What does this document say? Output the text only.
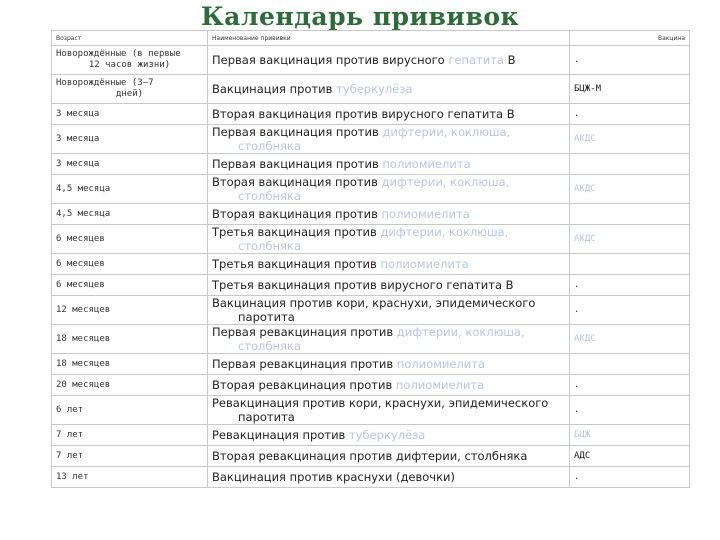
Календарь прививок
Возраст	Наименование прививки	Вакцина

Новорождённые (в первые
12 часов жизни)	Первая вакцинация против вирусного гепатита В	.

Новорождённые (3—7
дней)	Вакцинация против туберкулёза	БЦЖ-М
3 месяца	Вторая вакцинация против вирусного гепатита В	.
3 месяца	Первая вакцинация против дифтерии, коклюша,
столбняка	АКДС
3 месяца	Первая вакцинация против полиомиелита	
4,5 месяца	Вторая вакцинация против дифтерии, коклюша,
столбняка	АКДС
4,5 месяца	Вторая вакцинация против полиомиелита	
6 месяцев	Третья вакцинация против дифтерии, коклюша,
столбняка	АКДС
6 месяцев	Третья вакцинация против полиомиелита	
6 месяцев	Третья вакцинация против вирусного гепатита В	.
12 месяцев	Вакцинация против кори, краснухи, эпидемического
паротита	.
18 месяцев	Первая ревакцинация против дифтерии, коклюша,
столбняка	АКДС
18 месяцев	Первая ревакцинация против полиомиелита	
20 месяцев	Вторая ревакцинация против полиомиелита	.
6 лет	Ревакцинация против кори, краснухи, эпидемического
паротита	.
7 лет	Ревакцинация против туберкулёза	БЦЖ
7 лет	Вторая ревакцинация против дифтерии, столбняка	АДС
13 лет	Вакцинация против краснухи (девочки)	.
